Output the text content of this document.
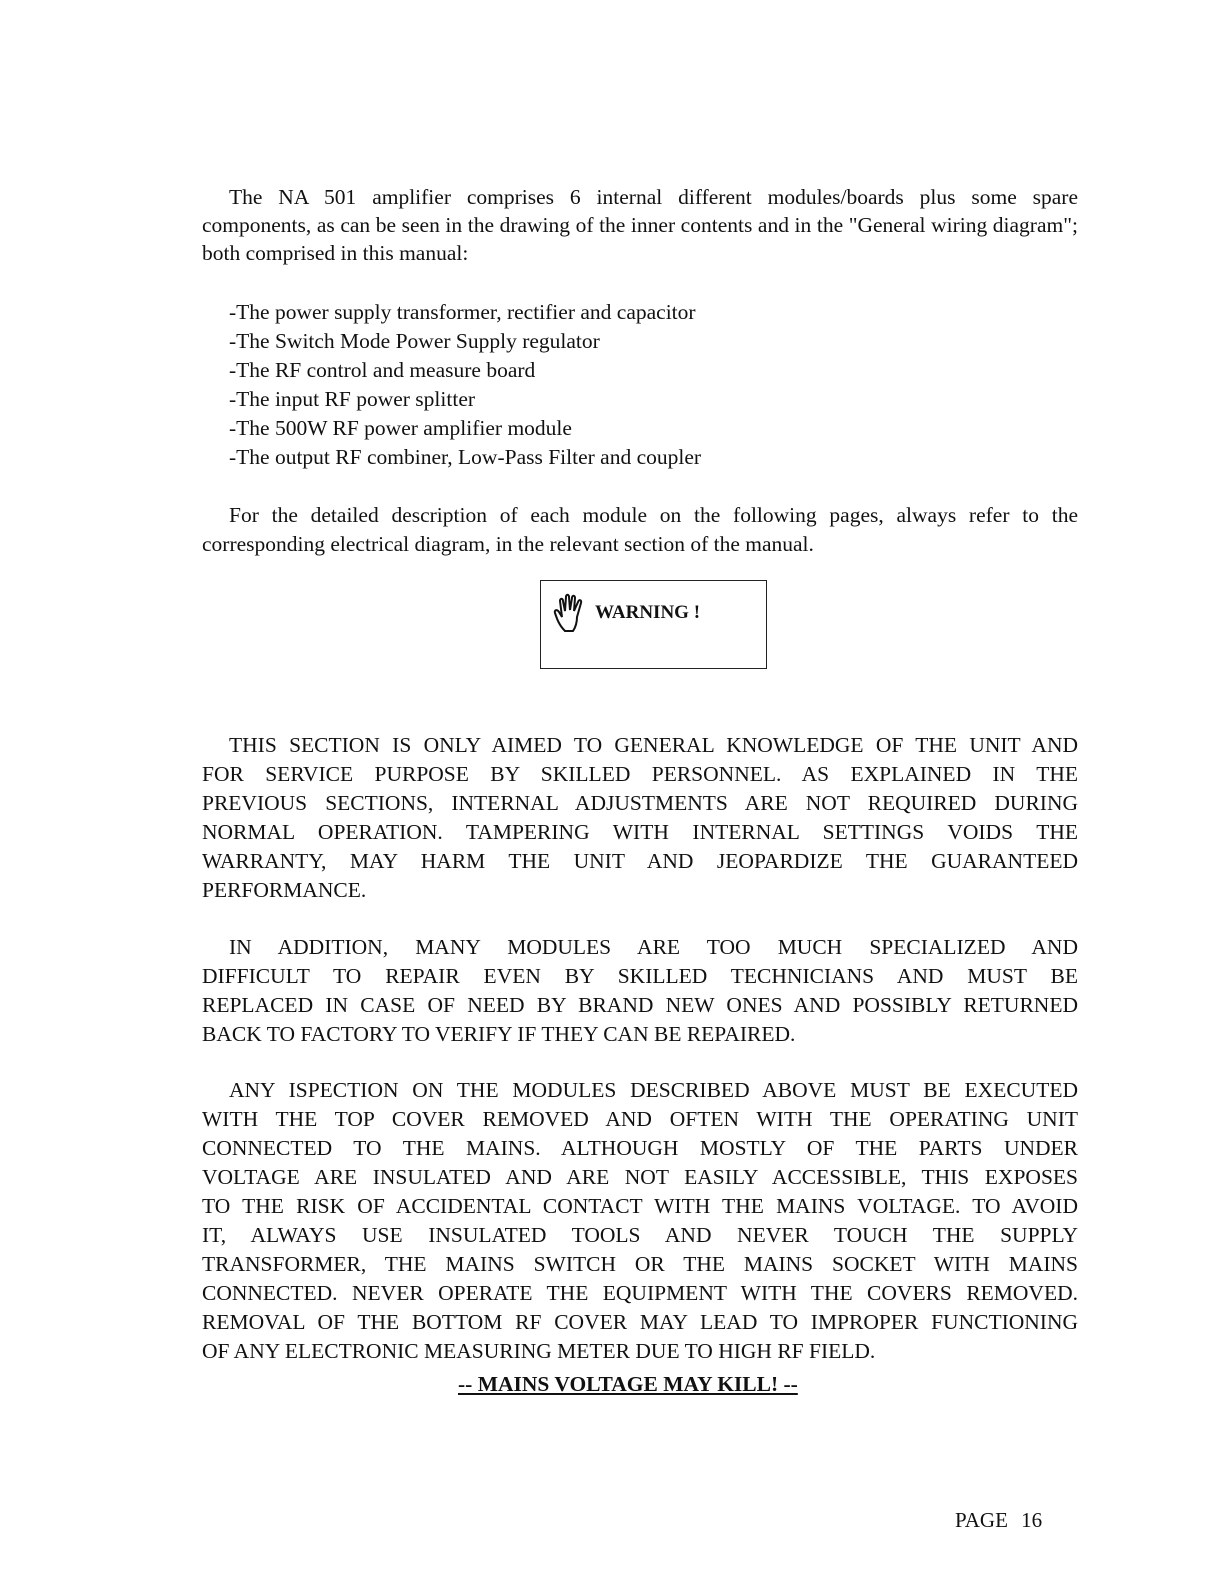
The NA 501 amplifier comprises 6 internal different modules/boards plus some spare
components, as can be seen in the drawing of the inner contents and in the "General wiring diagram";
both comprised in this manual:
-The power supply transformer, rectifier and capacitor
-The Switch Mode Power Supply regulator
-The RF control and measure board
-The input RF power splitter
-The 500W RF power amplifier module
-The output RF combiner, Low-Pass Filter and coupler
For the detailed description of each module on the following pages, always refer to the
corresponding electrical diagram, in the relevant section of the manual.
WARNING !
THIS SECTION IS ONLY AIMED TO GENERAL KNOWLEDGE OF THE UNIT AND
FOR SERVICE PURPOSE BY SKILLED PERSONNEL. AS EXPLAINED IN THE
PREVIOUS SECTIONS, INTERNAL ADJUSTMENTS ARE NOT REQUIRED DURING
NORMAL OPERATION. TAMPERING WITH INTERNAL SETTINGS VOIDS THE
WARRANTY, MAY HARM THE UNIT AND JEOPARDIZE THE GUARANTEED
PERFORMANCE.
IN ADDITION, MANY MODULES ARE TOO MUCH SPECIALIZED AND
DIFFICULT TO REPAIR EVEN BY SKILLED TECHNICIANS AND MUST BE
REPLACED IN CASE OF NEED BY BRAND NEW ONES AND POSSIBLY RETURNED
BACK TO FACTORY TO VERIFY IF THEY CAN BE REPAIRED.
ANY ISPECTION ON THE MODULES DESCRIBED ABOVE MUST BE EXECUTED
WITH THE TOP COVER REMOVED AND OFTEN WITH THE OPERATING UNIT
CONNECTED TO THE MAINS. ALTHOUGH MOSTLY OF THE PARTS UNDER
VOLTAGE ARE INSULATED AND ARE NOT EASILY ACCESSIBLE, THIS EXPOSES
TO THE RISK OF ACCIDENTAL CONTACT WITH THE MAINS VOLTAGE. TO AVOID
IT, ALWAYS USE INSULATED TOOLS AND NEVER TOUCH THE SUPPLY
TRANSFORMER, THE MAINS SWITCH OR THE MAINS SOCKET WITH MAINS
CONNECTED. NEVER OPERATE THE EQUIPMENT WITH THE COVERS REMOVED.
REMOVAL OF THE BOTTOM RF COVER MAY LEAD TO IMPROPER FUNCTIONING
OF ANY ELECTRONIC MEASURING METER DUE TO HIGH RF FIELD.
-- MAINS VOLTAGE MAY KILL! --
PAGE 16
